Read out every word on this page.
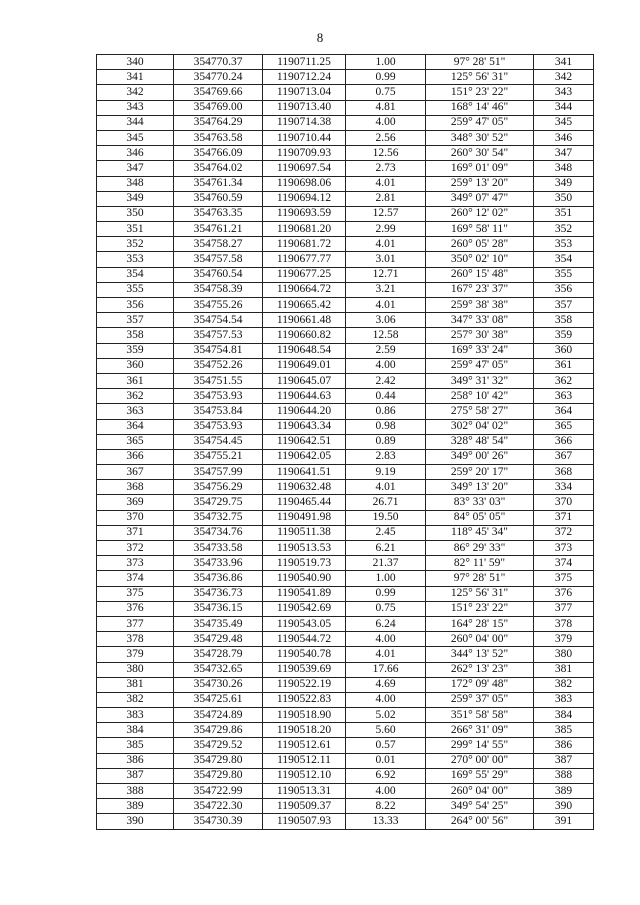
8
340	354770.37	1190711.25	1.00	97° 28' 51"	341
341	354770.24	1190712.24	0.99	125° 56' 31"	342
342	354769.66	1190713.04	0.75	151° 23' 22"	343
343	354769.00	1190713.40	4.81	168° 14' 46"	344
344	354764.29	1190714.38	4.00	259° 47' 05"	345
345	354763.58	1190710.44	2.56	348° 30' 52"	346
346	354766.09	1190709.93	12.56	260° 30' 54"	347
347	354764.02	1190697.54	2.73	169° 01' 09"	348
348	354761.34	1190698.06	4.01	259° 13' 20"	349
349	354760.59	1190694.12	2.81	349° 07' 47"	350
350	354763.35	1190693.59	12.57	260° 12' 02"	351
351	354761.21	1190681.20	2.99	169° 58' 11"	352
352	354758.27	1190681.72	4.01	260° 05' 28"	353
353	354757.58	1190677.77	3.01	350° 02' 10"	354
354	354760.54	1190677.25	12.71	260° 15' 48"	355
355	354758.39	1190664.72	3.21	167° 23' 37"	356
356	354755.26	1190665.42	4.01	259° 38' 38"	357
357	354754.54	1190661.48	3.06	347° 33' 08"	358
358	354757.53	1190660.82	12.58	257° 30' 38"	359
359	354754.81	1190648.54	2.59	169° 33' 24"	360
360	354752.26	1190649.01	4.00	259° 47' 05"	361
361	354751.55	1190645.07	2.42	349° 31' 32"	362
362	354753.93	1190644.63	0.44	258° 10' 42"	363
363	354753.84	1190644.20	0.86	275° 58' 27"	364
364	354753.93	1190643.34	0.98	302° 04' 02"	365
365	354754.45	1190642.51	0.89	328° 48' 54"	366
366	354755.21	1190642.05	2.83	349° 00' 26"	367
367	354757.99	1190641.51	9.19	259° 20' 17"	368
368	354756.29	1190632.48	4.01	349° 13' 20"	334
369	354729.75	1190465.44	26.71	83° 33' 03"	370
370	354732.75	1190491.98	19.50	84° 05' 05"	371
371	354734.76	1190511.38	2.45	118° 45' 34"	372
372	354733.58	1190513.53	6.21	86° 29' 33"	373
373	354733.96	1190519.73	21.37	82° 11' 59"	374
374	354736.86	1190540.90	1.00	97° 28' 51"	375
375	354736.73	1190541.89	0.99	125° 56' 31"	376
376	354736.15	1190542.69	0.75	151° 23' 22"	377
377	354735.49	1190543.05	6.24	164° 28' 15"	378
378	354729.48	1190544.72	4.00	260° 04' 00"	379
379	354728.79	1190540.78	4.01	344° 13' 52"	380
380	354732.65	1190539.69	17.66	262° 13' 23"	381
381	354730.26	1190522.19	4.69	172° 09' 48"	382
382	354725.61	1190522.83	4.00	259° 37' 05"	383
383	354724.89	1190518.90	5.02	351° 58' 58"	384
384	354729.86	1190518.20	5.60	266° 31' 09"	385
385	354729.52	1190512.61	0.57	299° 14' 55"	386
386	354729.80	1190512.11	0.01	270° 00' 00"	387
387	354729.80	1190512.10	6.92	169° 55' 29"	388
388	354722.99	1190513.31	4.00	260° 04' 00"	389
389	354722.30	1190509.37	8.22	349° 54' 25"	390
390	354730.39	1190507.93	13.33	264° 00' 56"	391
